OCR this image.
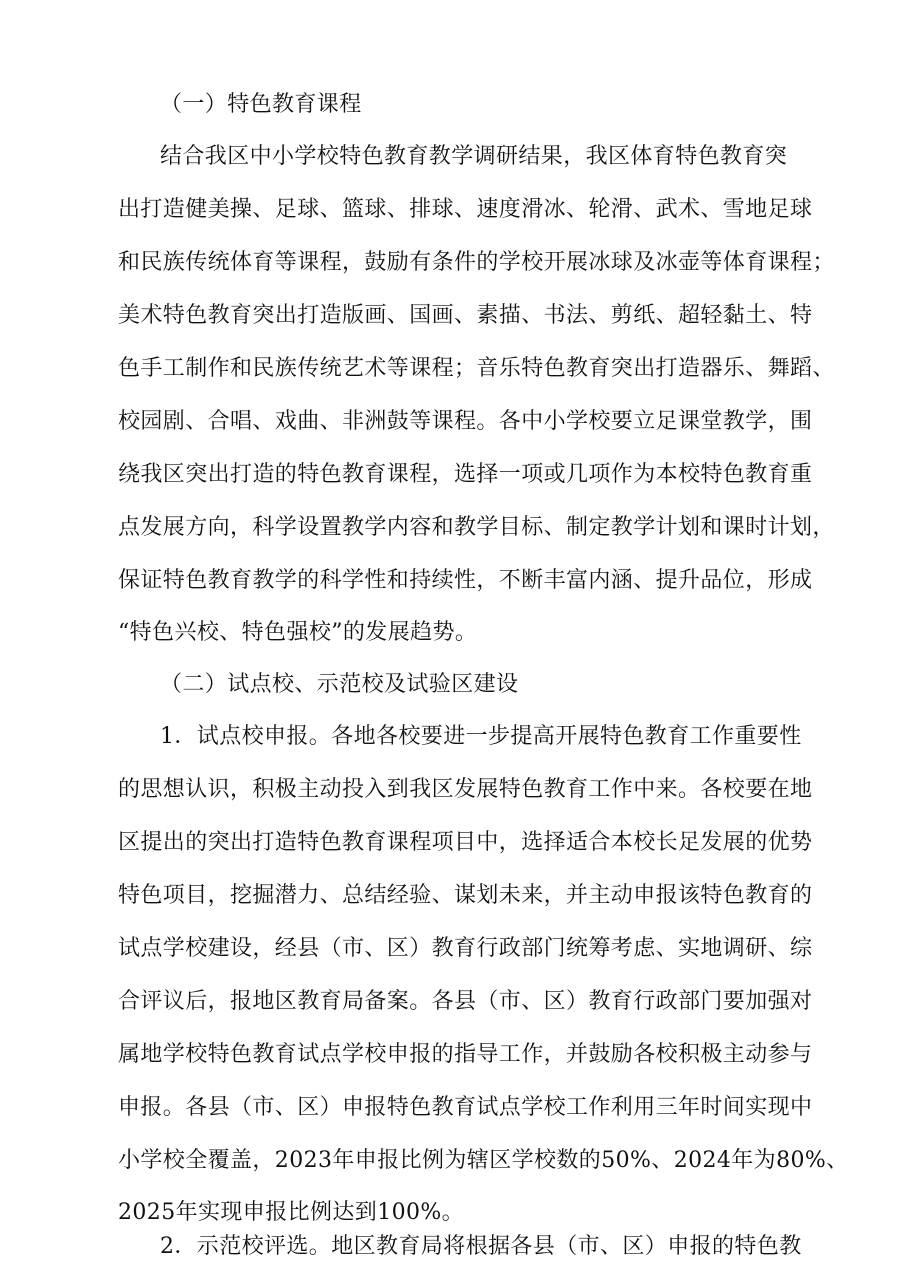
（一）特色教育课程
结合我区中小学校特色教育教学调研结果，我区体育特色教育突
出打造健美操、足球、篮球、排球、速度滑冰、轮滑、武术、雪地足球
和民族传统体育等课程，鼓励有条件的学校开展冰球及冰壶等体育课程；
美术特色教育突出打造版画、国画、素描、书法、剪纸、超轻黏土、特
色手工制作和民族传统艺术等课程；音乐特色教育突出打造器乐、舞蹈、
校园剧、合唱、戏曲、非洲鼓等课程。各中小学校要立足课堂教学，围
绕我区突出打造的特色教育课程，选择一项或几项作为本校特色教育重
点发展方向，科学设置教学内容和教学目标、制定教学计划和课时计划，
保证特色教育教学的科学性和持续性，不断丰富内涵、提升品位，形成
“特色兴校、特色强校”的发展趋势。
（二）试点校、示范校及试验区建设
1．试点校申报。各地各校要进一步提高开展特色教育工作重要性
的思想认识，积极主动投入到我区发展特色教育工作中来。各校要在地
区提出的突出打造特色教育课程项目中，选择适合本校长足发展的优势
特色项目，挖掘潜力、总结经验、谋划未来，并主动申报该特色教育的
试点学校建设，经县（市、区）教育行政部门统筹考虑、实地调研、综
合评议后，报地区教育局备案。各县（市、区）教育行政部门要加强对
属地学校特色教育试点学校申报的指导工作，并鼓励各校积极主动参与
申报。各县（市、区）申报特色教育试点学校工作利用三年时间实现中
小学校全覆盖，2023年申报比例为辖区学校数的50%、2024年为80%、
2025年实现申报比例达到100%。
2．示范校评选。地区教育局将根据各县（市、区）申报的特色教
